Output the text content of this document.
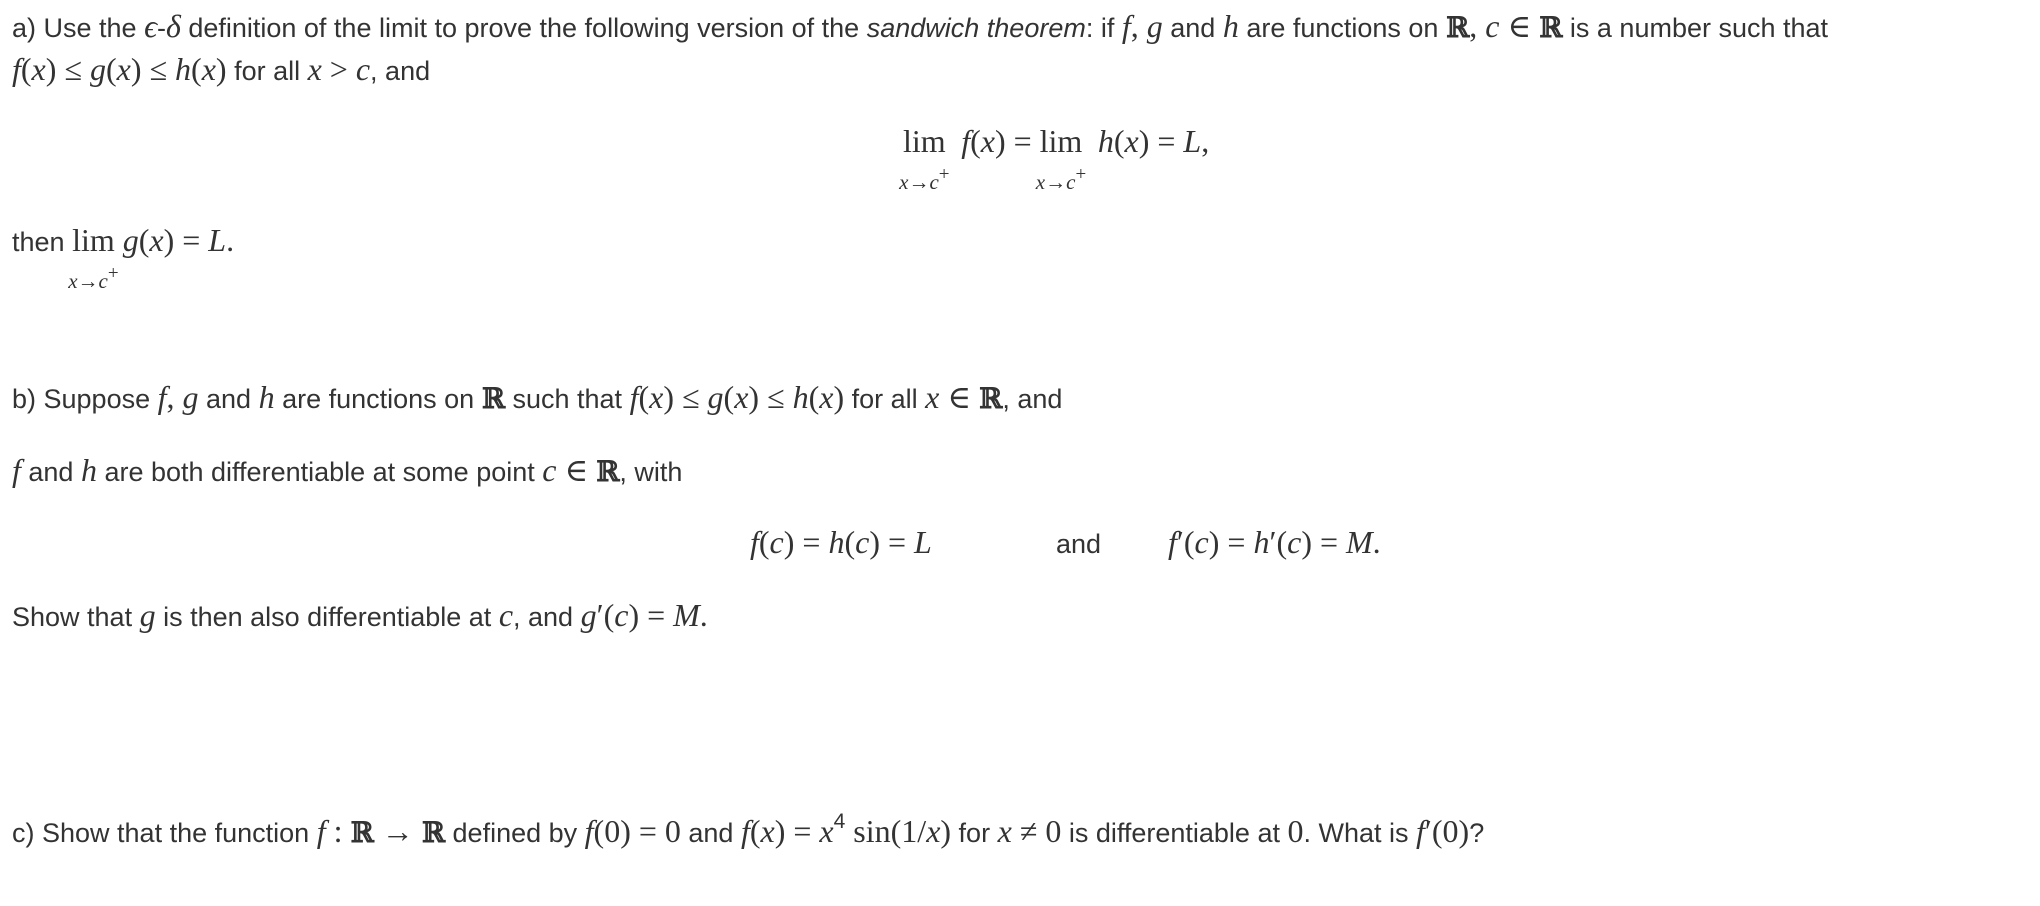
a) Use the ϵ-δ definition of the limit to prove the following version of the sandwich theorem: if f, g and h are functions on ℝ, c ∈ ℝ is a number such that
f(x) ≤ g(x) ≤ h(x) for all x > c, and
lim
x→c+
f(x) = lim
x→c+
h(x) = L,
then lim
x→c+
g(x) = L.
b) Suppose f, g and h are functions on ℝ such that f(x) ≤ g(x) ≤ h(x) for all x ∈ ℝ, and
f and h are both differentiable at some point c ∈ ℝ, with
f(c) = h(c) = L	and f′(c) = h′(c) = M.
Show that g is then also differentiable at c, and g′(c) = M.
c) Show that the function f : ℝ → ℝ defined by f(0) = 0 and $f(x) = x^4$ sin(1/x) for x ≠ 0 is differentiable at 0. What is f′(0)?
